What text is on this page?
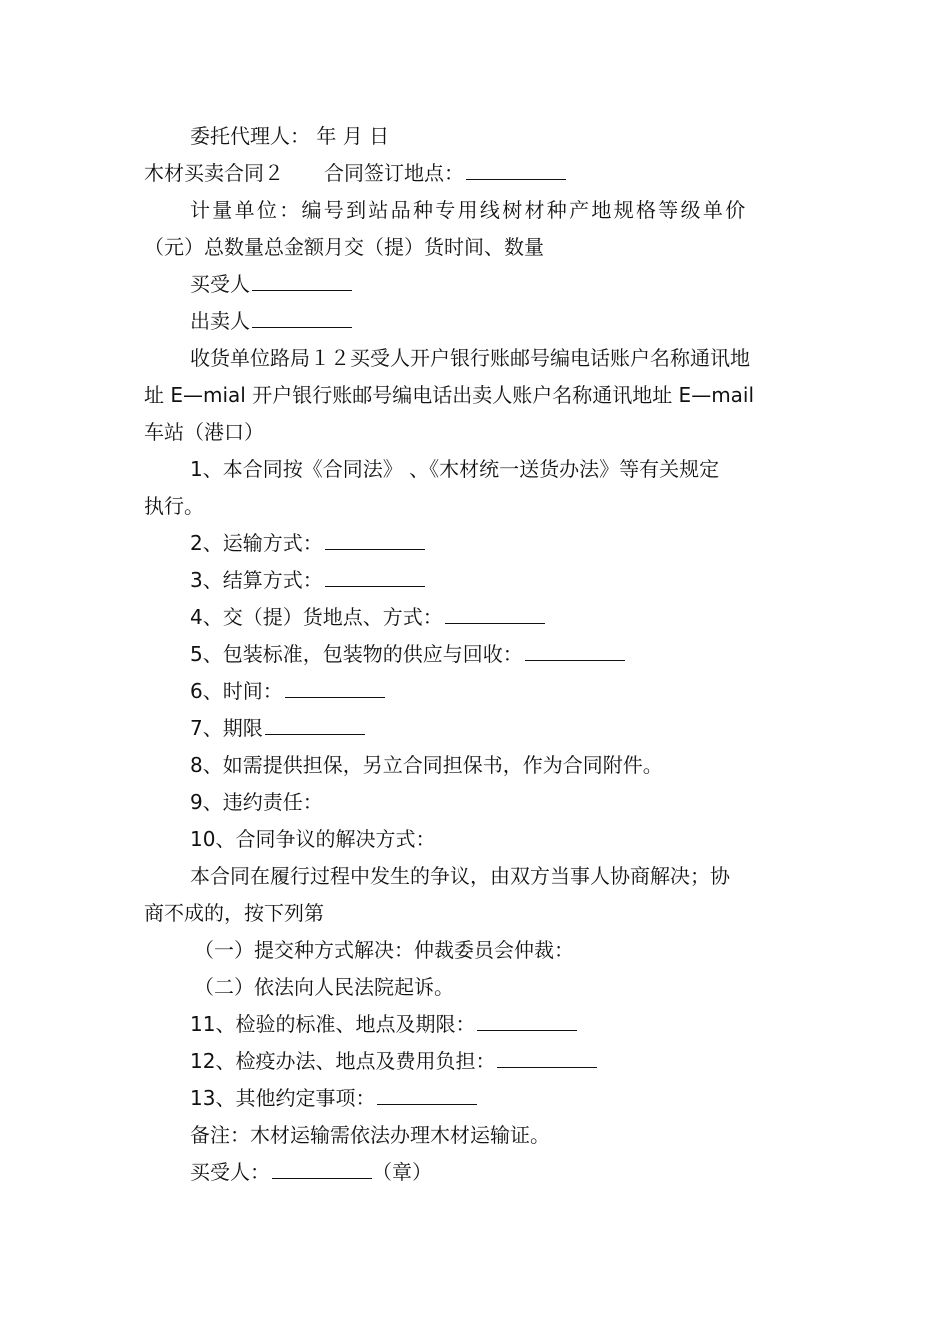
委托代理人： 年 月 日
木材买卖合同２ 合同签订地点：
计量单位：编号到站品种专用线树材种产地规格等级单价
（元）总数量总金额月交（提）货时间、数量
买受人
出卖人
收货单位路局１２买受人开户银行账邮号编电话账户名称通讯地
址 E—mial 开户银行账邮号编电话出卖人账户名称通讯地址 E—mail
车站（港口）
1、本合同按《合同法》 、《木材统一送货办法》等有关规定
执行。
2、运输方式：
3、结算方式：
4、交（提）货地点、方式：
5、包装标准，包装物的供应与回收：
6、时间：
7、期限
8、如需提供担保，另立合同担保书，作为合同附件。
9、违约责任：
10、合同争议的解决方式：
本合同在履行过程中发生的争议，由双方当事人协商解决；协
商不成的，按下列第
（一）提交种方式解决：仲裁委员会仲裁：
（二）依法向人民法院起诉。
11、检验的标准、地点及期限：
12、检疫办法、地点及费用负担：
13、其他约定事项：
备注：木材运输需依法办理木材运输证。
买受人：	（章）
